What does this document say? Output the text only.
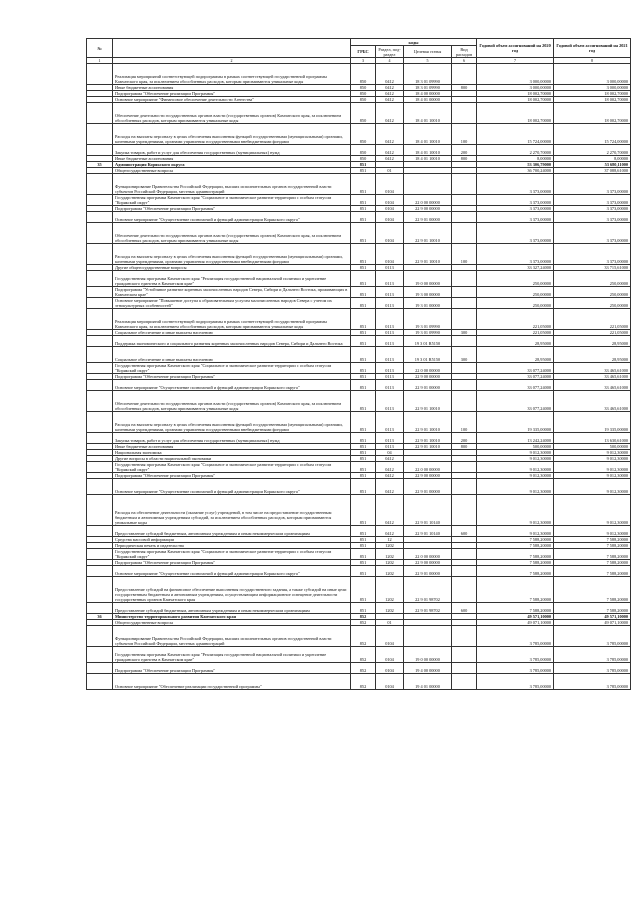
№		коды				Годовой объем ассигнований на 2020 год	Годовой объем ассигнований на 2021 год
		ГРБС	Раздел, под-раздел	Целевая статья	Вид расходов		
1	2	3	4	5	6	7	8
	Реализация мероприятий соответствующей подпрограммы в рамках соответствующей государственной программы Камчатского края, за исключением обособленных расходов, которым присваиваются уникальные коды	850	0412	18 3 01 09990		3 000,00000	3 000,00000
	Иные бюджетные ассигнования	850	0412	18 3 01 09990	800	3 000,00000	3 000,00000
	Подпрограмма "Обеспечение реализации Программы"	850	0412	18 4 00 00000		18 002,70000	18 002,70000
	Основное мероприятие "Финансовое обеспечение деятельности Агентства"	850	0412	18 4 01 00000		18 002,70000	18 002,70000
	Обеспечение деятельности государственных органов власти (государственных органов) Камчатского края, за исключением обособленных расходов, которым присваиваются уникальные коды	850	0412	18 4 01 10010		18 002,70000	18 002,70000
	Расходы на выплаты персоналу в целях обеспечения выполнения функций государственными (муниципальными) органами, казенными учреждениями, органами управления государственными внебюджетными фондами	850	0412	18 4 01 10010	100	15 724,00000	15 724,00000
	Закупка товаров, работ и услуг для обеспечения государственных (муниципальных) нужд	850	0412	18 4 01 10010	200	2 270,70000	2 270,70000
	Иные бюджетные ассигнования	850	0412	18 4 01 10010	800	8,00000	8,00000
35	Администрация Корякского округа	851				53 306,79000	53 680,11000
	Общегосударственные вопросы	851	01			36 700,24000	37 088,61000
	Функционирование Правительства Российской Федерации, высших исполнительных органов государственной власти субъектов Российской Федерации, местных администраций	851	0104			3 373,00000	3 373,00000
	Государственная программа Камчатского края "Социальное и экономическое развитие территории с особым статусом "Корякский округ"	851	0104	22 0 00 00000		3 373,00000	3 373,00000
	Подпрограмма "Обеспечение реализации Программы"	851	0104	22 9 00 00000		3 373,00000	3 373,00000
	Основное мероприятие "Осуществление полномочий и функций администрации Корякского округа"	851	0104	22 9 01 00000		3 373,00000	3 373,00000
	Обеспечение деятельности государственных органов власти (государственных органов) Камчатского края, за исключением обособленных расходов, которым присваиваются уникальные коды	851	0104	22 9 01 10010		3 373,00000	3 373,00000
	Расходы на выплаты персоналу в целях обеспечения выполнения функций государственными (муниципальными) органами, казенными учреждениями, органами управления государственными внебюджетными фондами	851	0104	22 9 01 10010	100	3 373,00000	3 373,00000
	Другие общегосударственные вопросы	851	0113			33 327,24000	33 715,61000
	Государственная программа Камчатского края "Реализация государственной национальной политики и укрепление гражданского единства в Камчатском крае"	851	0113	19 0 00 00000		250,00000	250,00000
	Подпрограмма "Устойчивое развитие коренных малочисленных народов Севера, Сибири и Дальнего Востока, проживающих в Камчатском крае"	851	0113	19 3 00 00000		250,00000	250,00000
	Основное мероприятие "Повышение доступа к образовательным услугам малочисленных народов Севера с учетом их этнокультурных особенностей"	851	0113	19 3 01 00000		250,00000	250,00000
	Реализация мероприятий соответствующей подпрограммы в рамках соответствующей государственной программы Камчатского края, за исключением обособленных расходов, которым присваиваются уникальные коды	851	0113	19 3 01 09990		221,05000	221,05000
	Социальное обеспечение и иные выплаты населению	851	0113	19 3 01 09990	300	221,05000	221,05000
	Поддержка экономического и социального развития коренных малочисленных народов Севера, Сибири и Дальнего Востока	851	0113	19 3 01 R5150		28,95000	28,95000
	Социальное обеспечение и иные выплаты населению	851	0113	19 3 01 R5150	300	28,95000	28,95000
	Государственная программа Камчатского края "Социальное и экономическое развитие территории с особым статусом "Корякский округ"	851	0113	22 0 00 00000		33 077,24000	33 465,61000
	Подпрограмма "Обеспечение реализации Программы"	851	0113	22 9 00 00000		33 077,24000	33 465,61000
	Основное мероприятие "Осуществление полномочий и функций администрации Корякского округа"	851	0113	22 9 01 00000		33 077,24000	33 465,61000
	Обеспечение деятельности государственных органов власти (государственных органов) Камчатского края, за исключением обособленных расходов, которым присваиваются уникальные коды	851	0113	22 9 01 10010		33 077,24000	33 465,61000
	Расходы на выплаты персоналу в целях обеспечения выполнения функций государственными (муниципальными) органами, казенными учреждениями, органами управления государственными внебюджетными фондами	851	0113	22 9 01 10010	100	19 335,00000	19 335,00000
	Закупка товаров, работ и услуг для обеспечения государственных (муниципальных) нужд	851	0113	22 9 01 10010	200	13 242,24000	13 630,61000
	Иные бюджетные ассигнования	851	0113	22 9 01 10010	800	500,00000	500,00000
	Национальная экономика	851	04			9 012,30000	9 012,30000
	Другие вопросы в области национальной экономики	851	0412			9 012,30000	9 012,30000
	Государственная программа Камчатского края "Социальное и экономическое развитие территории с особым статусом "Корякский округ"	851	0412	22 0 00 00000		9 012,30000	9 012,30000
	Подпрограмма "Обеспечение реализации Программы"	851	0412	22 9 00 00000		9 012,30000	9 012,30000
	Основное мероприятие "Осуществление полномочий и функций администрации Корякского округа"	851	0412	22 9 01 00000		9 012,30000	9 012,30000
	Расходы на обеспечение деятельности (оказание услуг) учреждений, в том числе на предоставление государственным бюджетным и автономным учреждениям субсидий, за исключением обособленных расходов, которым присваиваются уникальные коды	851	0412	22 9 01 10140		9 012,30000	9 012,30000
	Предоставление субсидий бюджетным, автономным учреждениям и иным некоммерческим организациям	851	0412	22 9 01 10140	600	9 012,30000	9 012,30000
	Средства массовой информации	851	12			7 588,20000	7 588,20000
	Периодическая печать и издательства	851	1202			7 588,20000	7 588,20000
	Государственная программа Камчатского края "Социальное и экономическое развитие территории с особым статусом "Корякский округ"	851	1202	22 0 00 00000		7 588,20000	7 588,20000
	Подпрограмма "Обеспечение реализации Программы"	851	1202	22 9 00 00000		7 588,20000	7 588,20000
	Основное мероприятие "Осуществление полномочий и функций администрации Корякского округа"	851	1202	22 9 01 00000		7 588,20000	7 588,20000
	Предоставление субсидий на финансовое обеспечение выполнения государственного задания, а также субсидий на иные цели государственным бюджетным и автономным учреждениям, осуществляющим информационное освещение деятельности государственных органов Камчатского края	851	1202	22 9 01 98702		7 588,20000	7 588,20000
	Предоставление субсидий бюджетным, автономным учреждениям и иным некоммерческим организациям	851	1202	22 9 01 98702	600	7 588,20000	7 588,20000
36	Министерство территориального развития Камчатского края	852				49 571,10000	49 571,10000
	Общегосударственные вопросы	852	01			49 071,10000	49 071,10000
	Функционирование Правительства Российской Федерации, высших исполнительных органов государственной власти субъектов Российской Федерации, местных администраций	852	0104			3 785,00000	3 785,00000
	Государственная программа Камчатского края "Реализация государственной национальной политики и укрепление гражданского единства в Камчатском крае"	852	0104	19 0 00 00000		3 785,00000	3 785,00000
	Подпрограмма "Обеспечение реализации Программы"	852	0104	19 4 00 00000		3 785,00000	3 785,00000
	Основное мероприятие "Обеспечение реализации государственной программы"	852	0104	19 4 01 00000		3 785,00000	3 785,00000
